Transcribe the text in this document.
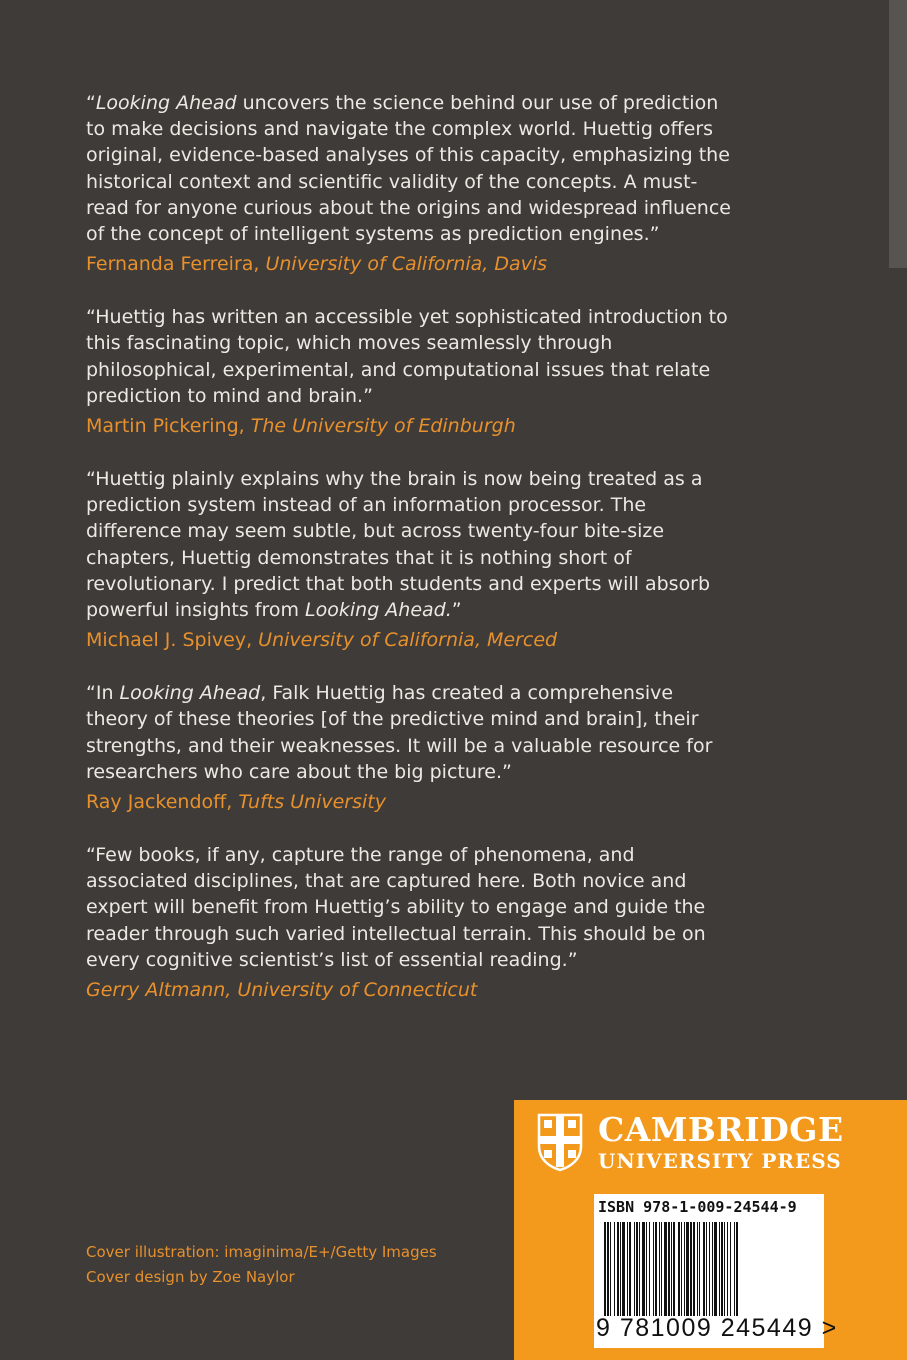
“Looking Ahead uncovers the science behind our use of prediction to make decisions and navigate the complex world. Huettig offers original, evidence-based analyses of this capacity, emphasizing the historical context and scientific validity of the concepts. A must-read for anyone curious about the origins and widespread influence of the concept of intelligent systems as prediction engines.”

Fernanda Ferreira, University of California, Davis

“Huettig has written an accessible yet sophisticated introduction to this fascinating topic, which moves seamlessly through philosophical, experimental, and computational issues that relate prediction to mind and brain.”

Martin Pickering, The University of Edinburgh

“Huettig plainly explains why the brain is now being treated as a prediction system instead of an information processor. The difference may seem subtle, but across twenty-four bite-size chapters, Huettig demonstrates that it is nothing short of revolutionary. I predict that both students and experts will absorb powerful insights from Looking Ahead.”

Michael J. Spivey, University of California, Merced

“In Looking Ahead, Falk Huettig has created a comprehensive theory of these theories [of the predictive mind and brain], their strengths, and their weaknesses. It will be a valuable resource for researchers who care about the big picture.”

Ray Jackendoff, Tufts University

“Few books, if any, capture the range of phenomena, and associated disciplines, that are captured here. Both novice and expert will benefit from Huettig’s ability to engage and guide the reader through such varied intellectual terrain. This should be on every cognitive scientist’s list of essential reading.”

Gerry Altmann, University of Connecticut
Cover illustration: imaginima/E+/Getty Images
Cover design by Zoe Naylor
CAMBRIDGE
UNIVERSITY PRESS
ISBN 978-1-009-24544-9
9 781009 245449 >
